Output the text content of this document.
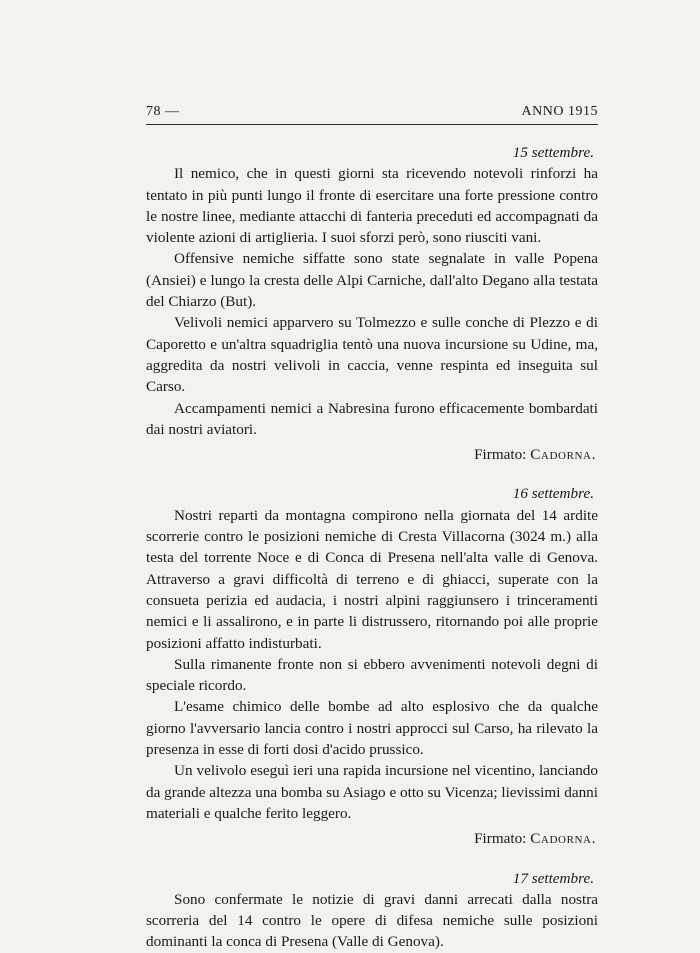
78 —	ANNO 1915

15 settembre.

Il nemico, che in questi giorni sta ricevendo notevoli rinforzi ha tentato in più punti lungo il fronte di esercitare una forte pressione contro le nostre linee, mediante attacchi di fanteria preceduti ed accompagnati da violente azioni di artiglieria. I suoi sforzi però, sono riusciti vani.

Offensive nemiche siffatte sono state segnalate in valle Popena (Ansiei) e lungo la cresta delle Alpi Carniche, dall'alto Degano alla testata del Chiarzo (But).

Velivoli nemici apparvero su Tolmezzo e sulle conche di Plezzo e di Caporetto e un'altra squadriglia tentò una nuova incursione su Udine, ma, aggredita da nostri velivoli in caccia, venne respinta ed inseguita sul Carso.

Accampamenti nemici a Nabresina furono efficacemente bombardati dai nostri aviatori.

Firmato: Cadorna.

16 settembre.

Nostri reparti da montagna compirono nella giornata del 14 ardite scorrerie contro le posizioni nemiche di Cresta Villacorna (3024 m.) alla testa del torrente Noce e di Conca di Presena nell'alta valle di Genova. Attraverso a gravi difficoltà di terreno e di ghiacci, superate con la consueta perizia ed audacia, i nostri alpini raggiunsero i trinceramenti nemici e li assalirono, e in parte li distrussero, ritornando poi alle proprie posizioni affatto indisturbati.

Sulla rimanente fronte non si ebbero avvenimenti notevoli degni di speciale ricordo.

L'esame chimico delle bombe ad alto esplosivo che da qualche giorno l'avversario lancia contro i nostri approcci sul Carso, ha rilevato la presenza in esse di forti dosi d'acido prussico.

Un velivolo eseguì ieri una rapida incursione nel vicentino, lanciando da grande altezza una bomba su Asiago e otto su Vicenza; lievissimi danni materiali e qualche ferito leggero.

Firmato: Cadorna.

17 settembre.

Sono confermate le notizie di gravi danni arrecati dalla nostra scorreria del 14 contro le opere di difesa nemiche sulle posizioni dominanti la conca di Presena (Valle di Genova).
